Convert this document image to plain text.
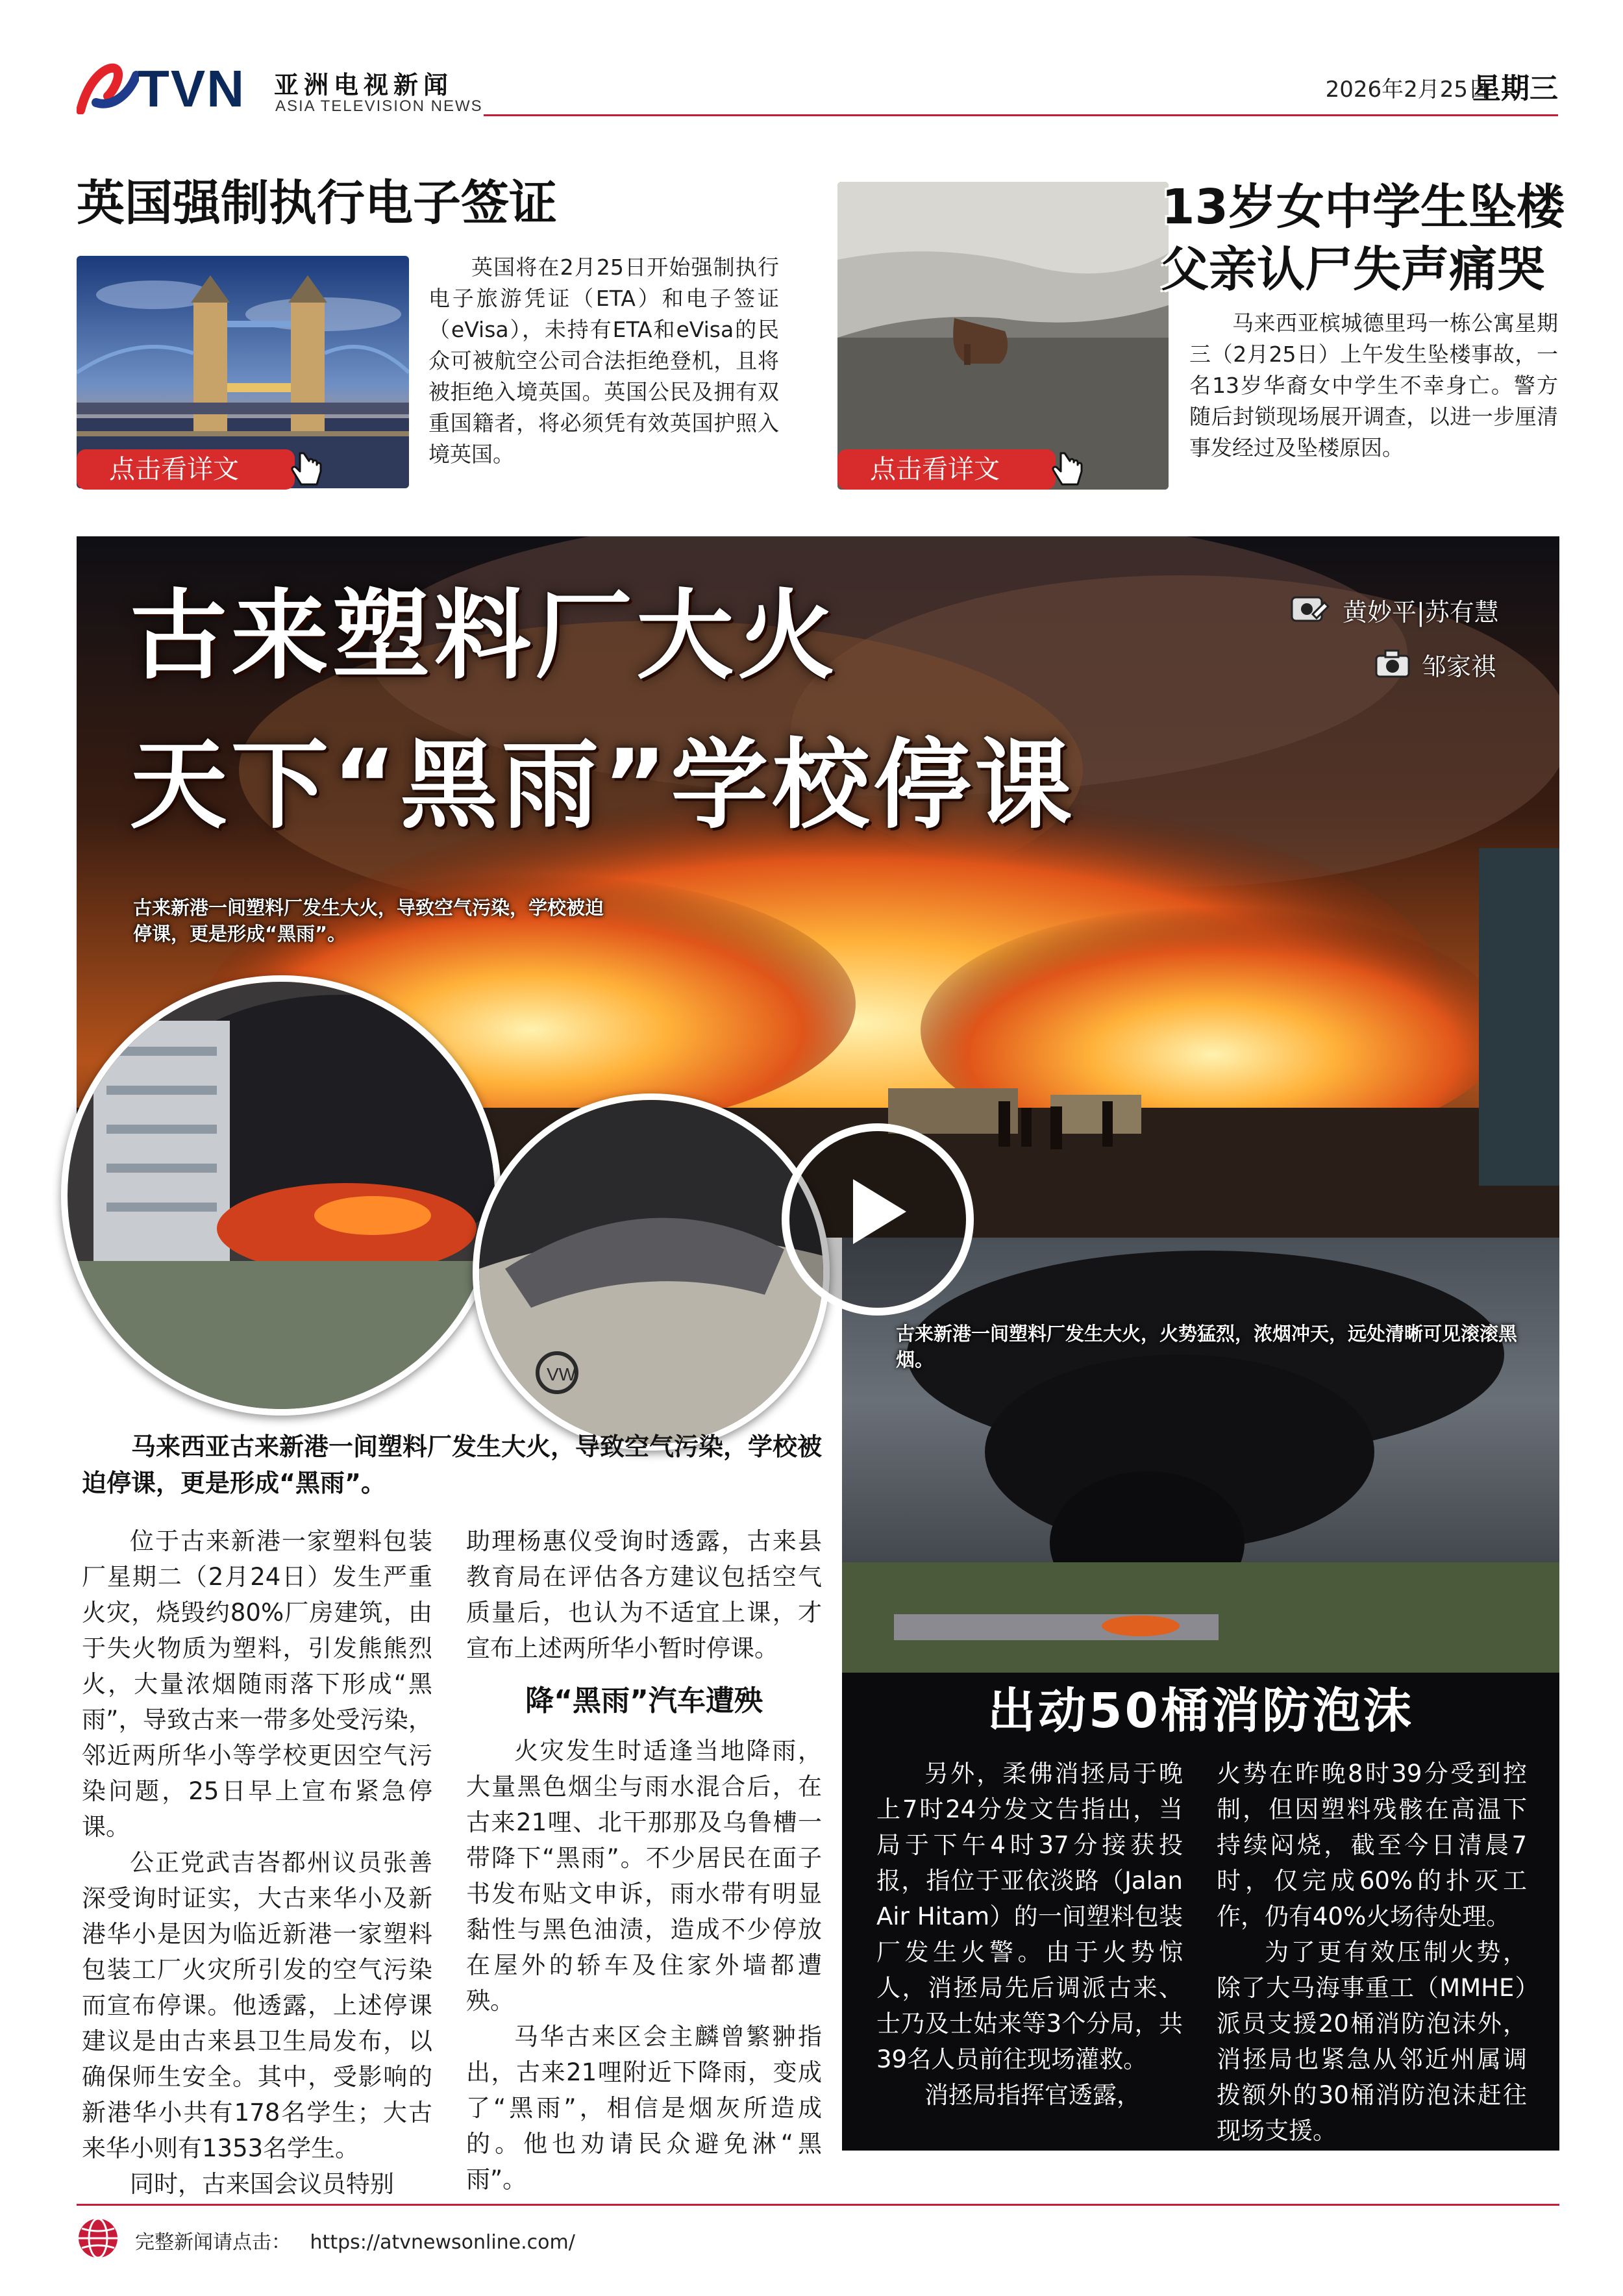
TVN 亚洲电视新闻
ASIA TELEVISION NEWS
2026年2月25日
星期三
英国强制执行电子签证
点击看详文
英国将在2月25日开始强制执行电子旅游凭证（ETA）和电子签证（eVisa），未持有ETA和eVisa的民众可被航空公司合法拒绝登机，且将被拒绝入境英国。英国公民及拥有双重国籍者，将必须凭有效英国护照入境英国。
13岁女中学生坠楼
父亲认尸失声痛哭
点击看详文
马来西亚槟城德里玛一栋公寓星期三（2月25日）上午发生坠楼事故，一名13岁华裔女中学生不幸身亡。警方随后封锁现场展开调查，以进一步厘清事发经过及坠楼原因。
古来塑料厂大火
天下“黑雨”学校停课
黄妙平|苏有慧
邹家祺
古来新港一间塑料厂发生大火，导致空气污染，学校被迫停课，更是形成“黑雨”。
古来新港一间塑料厂发生大火，火势猛烈，浓烟冲天，远处清晰可见滚滚黑烟。
VW
马来西亚古来新港一间塑料厂发生大火，导致空气污染，学校被迫停课，更是形成“黑雨”。

位于古来新港一家塑料包装厂星期二（2月24日）发生严重火灾，烧毁约80%厂房建筑，由于失火物质为塑料，引发熊熊烈火，大量浓烟随雨落下形成“黑雨”，导致古来一带多处受污染，邻近两所华小等学校更因空气污染问题，25日早上宣布紧急停课。

公正党武吉峇都州议员张善深受询时证实，大古来华小及新港华小是因为临近新港一家塑料包装工厂火灾所引发的空气污染而宣布停课。他透露，上述停课建议是由古来县卫生局发布，以确保师生安全。其中，受影响的新港华小共有178名学生；大古来华小则有1353名学生。

同时，古来国会议员特别

助理杨惠仪受询时透露，古来县教育局在评估各方建议包括空气质量后，也认为不适宜上课，才宣布上述两所华小暂时停课。

降“黑雨”汽车遭殃

火灾发生时适逢当地降雨，大量黑色烟尘与雨水混合后，在古来21哩、北干那那及乌鲁槽一带降下“黑雨”。不少居民在面子书发布贴文申诉，雨水带有明显黏性与黑色油渍，造成不少停放在屋外的轿车及住家外墙都遭殃。

马华古来区会主麟曾繁翀指出，古来21哩附近下降雨，变成了“黑雨”，相信是烟灰所造成的。他也劝请民众避免淋“黑雨”。

出动50桶消防泡沫

另外，柔佛消拯局于晚上7时24分发文告指出，当局于下午4时37分接获投报，指位于亚依淡路（Jalan Air Hitam）的一间塑料包装厂发生火警。由于火势惊人，消拯局先后调派古来、士乃及士姑来等3个分局，共39名人员前往现场灌救。

消拯局指挥官透露，

火势在昨晚8时39分受到控制，但因塑料残骸在高温下持续闷烧，截至今日清晨7时，仅完成60%的扑灭工作，仍有40%火场待处理。

为了更有效压制火势，除了大马海事重工（MMHE）派员支援20桶消防泡沫外，消拯局也紧急从邻近州属调拨额外的30桶消防泡沫赶往现场支援。

完整新闻请点击： https://atvnewsonline.com/
